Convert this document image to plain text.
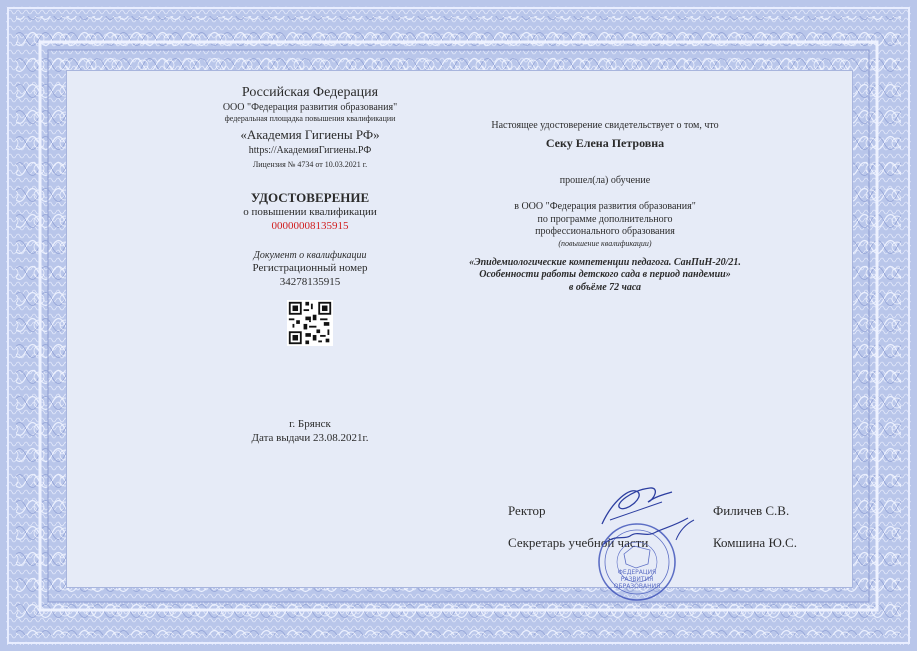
Российская Федерация
ООО "Федерация развития образования"
федеральная площадка повышения квалификации
«Академия Гигиены РФ»
https://АкадемияГигиены.РФ
Лицензия № 4734 от 10.03.2021 г.
УДОСТОВЕРЕНИЕ
о повышении квалификации
00000008135915
Документ о квалификации
Регистрационный номер
34278135915
г. Брянск
Дата выдачи 23.08.2021г.
Настоящее удостоверение свидетельствует о том, что
Секу Елена Петровна
прошел(ла) обучение
в ООО "Федерация развития образования"
по программе дополнительного
профессионального образования
(повышение квалификации)
«Эпидемиологические компетенции педагога. СанПиН-20/21.
Особенности работы детского сада в период пандемии»
в объёме 72 часа
Ректор	Филичев С.В.
Секретарь учебной части	Комшина Ю.С.
ФЕДЕРАЦИЯ
РАЗВИТИЯ
ОБРАЗОВАНИЯ
